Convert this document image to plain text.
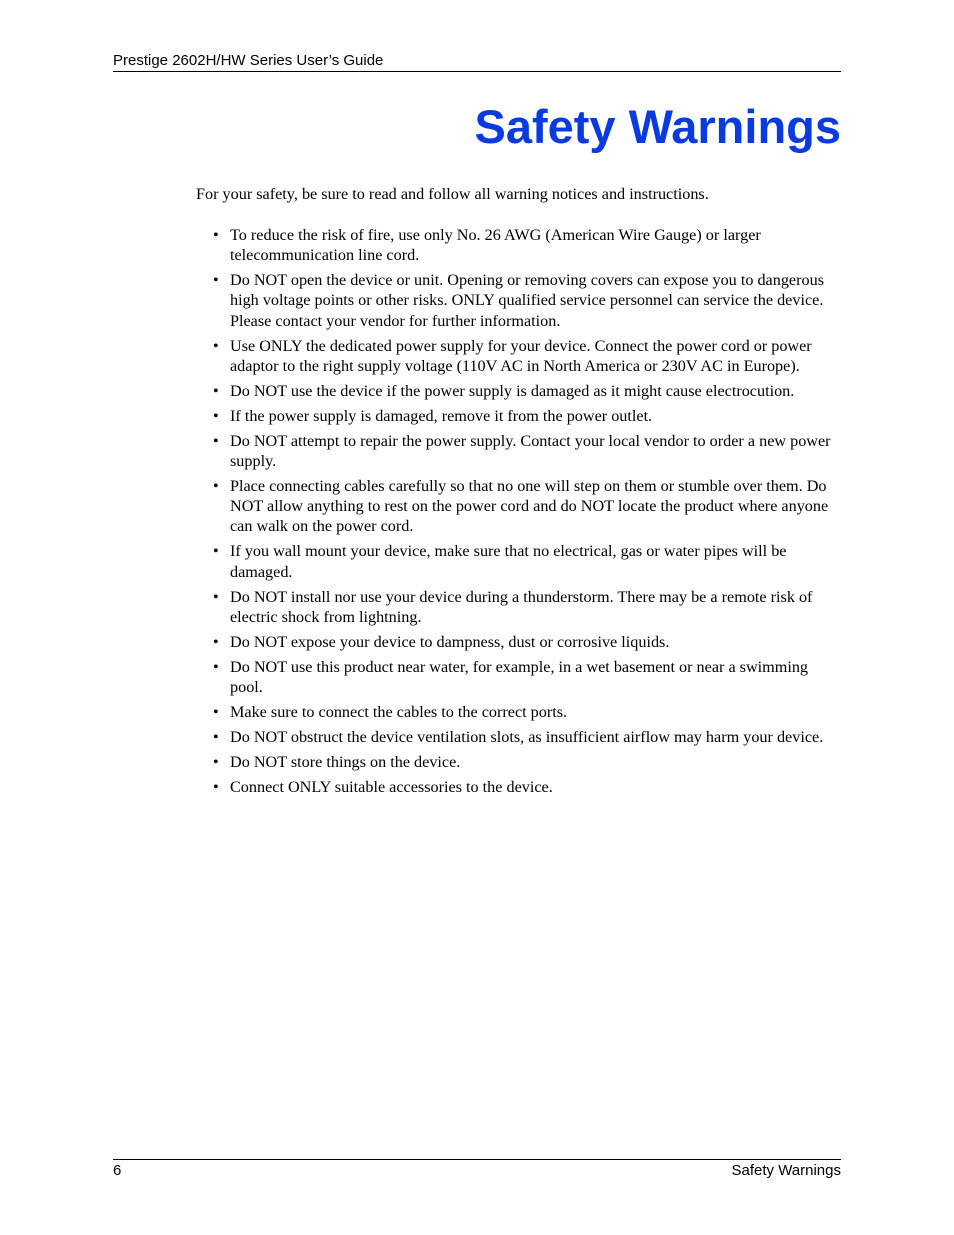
Prestige 2602H/HW Series User’s Guide
Safety Warnings

For your safety, be sure to read and follow all warning notices and instructions.

• To reduce the risk of fire, use only No. 26 AWG (American Wire Gauge) or larger telecommunication line cord.
• Do NOT open the device or unit. Opening or removing covers can expose you to dangerous high voltage points or other risks. ONLY qualified service personnel can service the device. Please contact your vendor for further information.
• Use ONLY the dedicated power supply for your device. Connect the power cord or power adaptor to the right supply voltage (110V AC in North America or 230V AC in Europe).
• Do NOT use the device if the power supply is damaged as it might cause electrocution.
• If the power supply is damaged, remove it from the power outlet.
• Do NOT attempt to repair the power supply. Contact your local vendor to order a new power supply.
• Place connecting cables carefully so that no one will step on them or stumble over them. Do NOT allow anything to rest on the power cord and do NOT locate the product where anyone can walk on the power cord.
• If you wall mount your device, make sure that no electrical, gas or water pipes will be damaged.
• Do NOT install nor use your device during a thunderstorm. There may be a remote risk of electric shock from lightning.
• Do NOT expose your device to dampness, dust or corrosive liquids.
• Do NOT use this product near water, for example, in a wet basement or near a swimming pool.
• Make sure to connect the cables to the correct ports.
• Do NOT obstruct the device ventilation slots, as insufficient airflow may harm your device.
• Do NOT store things on the device.
• Connect ONLY suitable accessories to the device.
6	Safety Warnings
